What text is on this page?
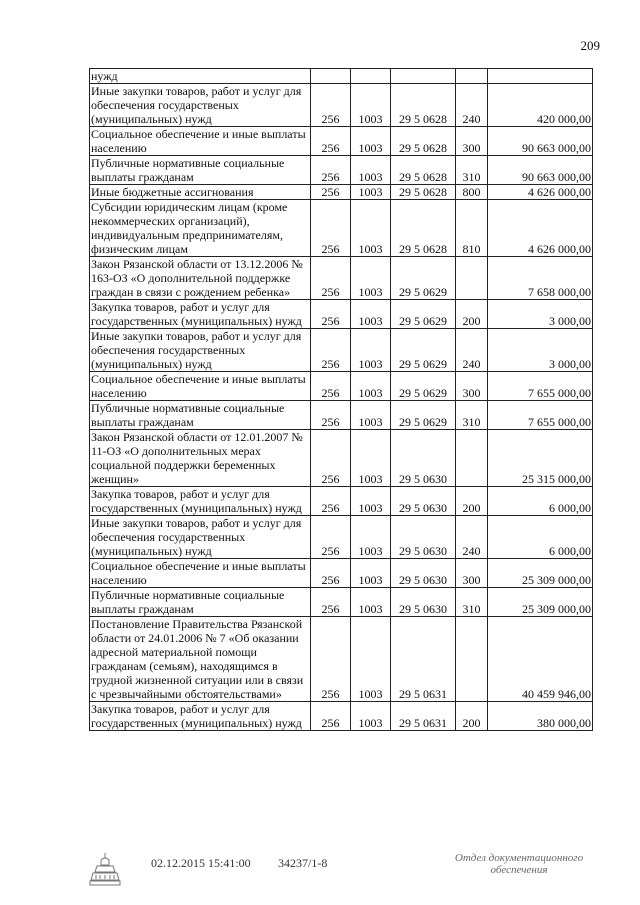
209
нужд					
Иные закупки товаров, работ и услуг для обеспечения государственых (муниципальных) нужд	256	1003	29 5 0628	240	420 000,00
Социальное обеспечение и иные выплаты населению	256	1003	29 5 0628	300	90 663 000,00
Публичные нормативные социальные выплаты гражданам	256	1003	29 5 0628	310	90 663 000,00
Иные бюджетные ассигнования	256	1003	29 5 0628	800	4 626 000,00
Субсидии юридическим лицам (кроме некоммерческих организаций), индивидуальным предпринимателям, физическим лицам	256	1003	29 5 0628	810	4 626 000,00
Закон Рязанской области от 13.12.2006 № 163-ОЗ «О дополнительной поддержке граждан в связи с рождением ребенка»	256	1003	29 5 0629		7 658 000,00
Закупка товаров, работ и услуг для государственных (муниципальных) нужд	256	1003	29 5 0629	200	3 000,00
Иные закупки товаров, работ и услуг для обеспечения государственных (муниципальных) нужд	256	1003	29 5 0629	240	3 000,00
Социальное обеспечение и иные выплаты населению	256	1003	29 5 0629	300	7 655 000,00
Публичные нормативные социальные выплаты гражданам	256	1003	29 5 0629	310	7 655 000,00
Закон Рязанской области от 12.01.2007 № 11-ОЗ «О дополнительных мерах социальной поддержки беременных женщин»	256	1003	29 5 0630		25 315 000,00
Закупка товаров, работ и услуг для государственных (муниципальных) нужд	256	1003	29 5 0630	200	6 000,00
Иные закупки товаров, работ и услуг для обеспечения государственных (муниципальных) нужд	256	1003	29 5 0630	240	6 000,00
Социальное обеспечение и иные выплаты населению	256	1003	29 5 0630	300	25 309 000,00
Публичные нормативные социальные выплаты гражданам	256	1003	29 5 0630	310	25 309 000,00
Постановление Правительства Рязанской области от 24.01.2006 № 7 «Об оказании адресной материальной помощи гражданам (семьям), находящимся в трудной жизненной ситуации или в связи с чрезвычайными обстоятельствами»	256	1003	29 5 0631		40 459 946,00
Закупка товаров, работ и услуг для государственных (муниципальных) нужд	256	1003	29 5 0631	200	380 000,00
02.12.2015 15:41:00 34237/1-8	Отдел документационного
обеспечения
